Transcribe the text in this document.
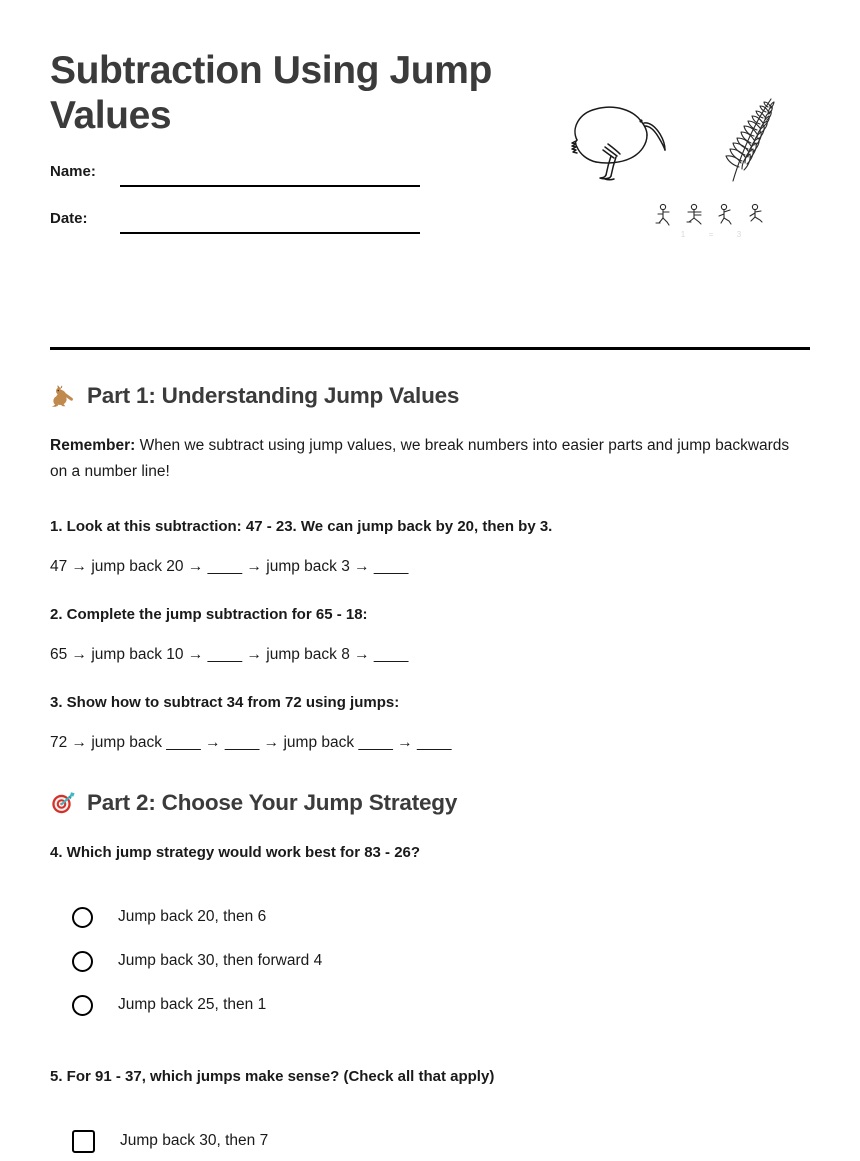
Subtraction Using Jump Values
Name:
Date:
1	=	3
Part 1: Understanding Jump Values

Remember: When we subtract using jump values, we break numbers into easier parts and jump backwards on a number line!

1. Look at this subtraction: 47 - 23. We can jump back by 20, then by 3.

47 → jump back 20 → ____ → jump back 3 → ____

2. Complete the jump subtraction for 65 - 18:

65 → jump back 10 → ____ → jump back 8 → ____

3. Show how to subtract 34 from 72 using jumps:

72 → jump back ____ → ____ → jump back ____ → ____

Part 2: Choose Your Jump Strategy

4. Which jump strategy would work best for 83 - 26?

Jump back 20, then 6
Jump back 30, then forward 4
Jump back 25, then 1

5. For 91 - 37, which jumps make sense? (Check all that apply)

Jump back 30, then 7
